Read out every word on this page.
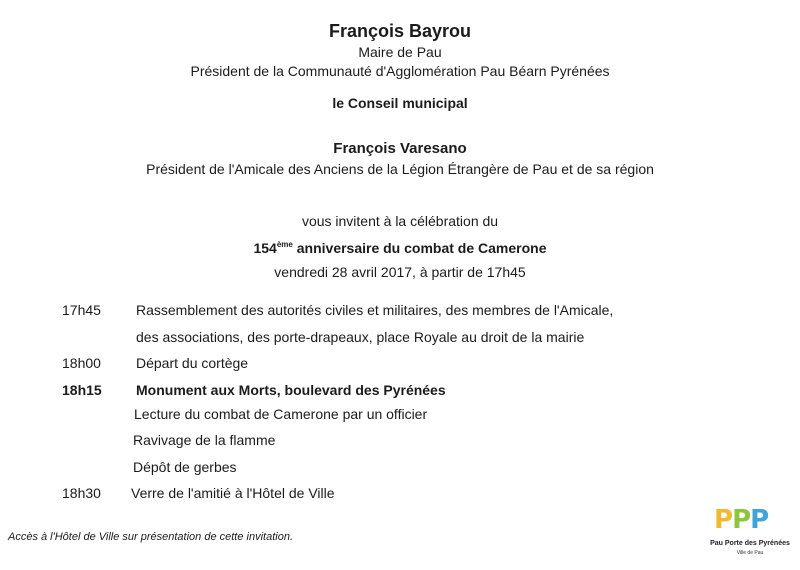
François Bayrou
Maire de Pau
Président de la Communauté d'Agglomération Pau Béarn Pyrénées
le Conseil municipal
François Varesano
Président de l'Amicale des Anciens de la Légion Étrangère de Pau et de sa région
vous invitent à la célébration du
154ème anniversaire du combat de Camerone
vendredi 28 avril 2017, à partir de 17h45
17h45	Rassemblement des autorités civiles et militaires, des membres de l'Amicale,
des associations, des porte-drapeaux, place Royale au droit de la mairie
18h00	Départ du cortège
18h15 Monument aux Morts, boulevard des Pyrénées
Lecture du combat de Camerone par un officier
Ravivage de la flamme
Dépôt de gerbes
18h30 Verre de l'amitié à l'Hôtel de Ville
Accès à l'Hôtel de Ville sur présentation de cette invitation.
PPP
Pau Porte des Pyrénées
Ville de Pau
